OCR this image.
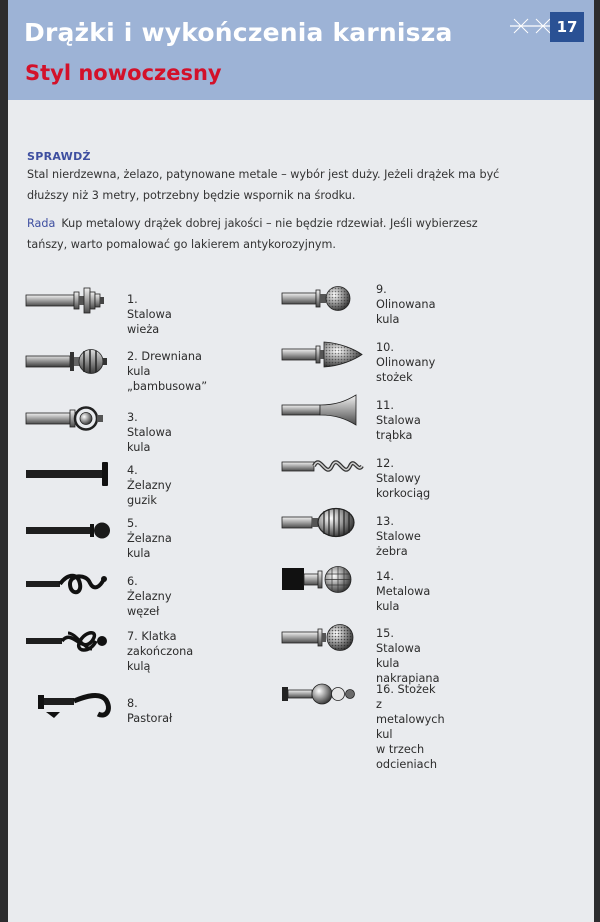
Drążki i wykończenia karnisza
Styl nowoczesny
17
SPRAWDŹ
Stal nierdzewna, żelazo, patynowane metale – wybór jest duży. Jeżeli drążek ma być dłuższy niż 3 metry, potrzebny będzie wspornik na środku.
Rada Kup metalowy drążek dobrej jakości – nie będzie rdzewiał. Jeśli wybierzesz tańszy, warto pomalować go lakierem antykorozyjnym.
1. Stalowa wieża
2. Drewniana kula
„bambusowa”
3. Stalowa kula
4. Żelazny guzik
5. Żelazna kula
6. Żelazny węzeł
7. Klatka zakończona
kulą
8. Pastorał
9. Olinowana kula
10. Olinowany stożek
11. Stalowa trąbka
12. Stalowy korkociąg
13. Stalowe żebra
14. Metalowa kula
15. Stalowa kula
nakrapiana
16. Stożek
z metalowych kul
w trzech odcieniach
